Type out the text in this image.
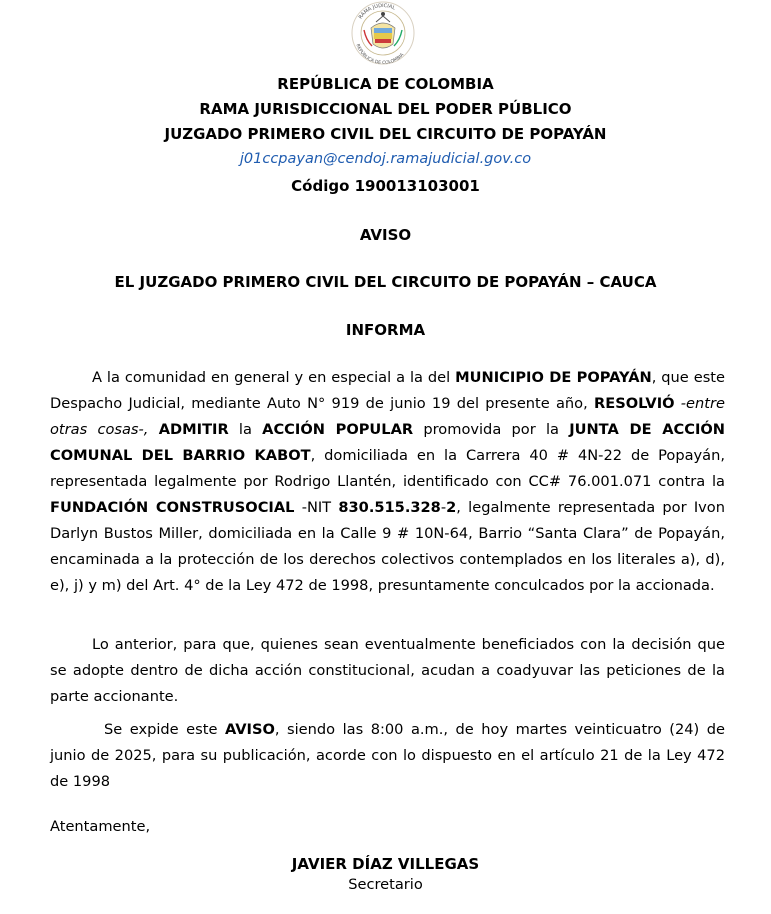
RAMA JUDICIAL
REPÚBLICA DE COLOMBIA
REPÚBLICA DE COLOMBIA
RAMA JURISDICCIONAL DEL PODER PÚBLICO
JUZGADO PRIMERO CIVIL DEL CIRCUITO DE POPAYÁN
j01ccpayan@cendoj.ramajudicial.gov.co
Código 190013103001
AVISO
EL JUZGADO PRIMERO CIVIL DEL CIRCUITO DE POPAYÁN – CAUCA
INFORMA
A la comunidad en general y en especial a la del MUNICIPIO DE POPAYÁN, que este Despacho Judicial, mediante Auto N° 919 de junio 19 del presente año, RESOLVIÓ -entre otras cosas-, ADMITIR la ACCIÓN POPULAR promovida por la JUNTA DE ACCIÓN COMUNAL DEL BARRIO KABOT, domiciliada en la Carrera 40 # 4N-22 de Popayán, representada legalmente por Rodrigo Llantén, identificado con CC# 76.001.071 contra la FUNDACIÓN CONSTRUSOCIAL -NIT 830.515.328-2, legalmente representada por Ivon Darlyn Bustos Miller, domiciliada en la Calle 9 # 10N-64, Barrio “Santa Clara” de Popayán, encaminada a la protección de los derechos colectivos contemplados en los literales a), d), e), j) y m) del Art. 4° de la Ley 472 de 1998, presuntamente conculcados por la accionada.
Lo anterior, para que, quienes sean eventualmente beneficiados con la decisión que se adopte dentro de dicha acción constitucional, acudan a coadyuvar las peticiones de la parte accionante.
Se expide este AVISO, siendo las 8:00 a.m., de hoy martes veinticuatro (24) de junio de 2025, para su publicación, acorde con lo dispuesto en el artículo 21 de la Ley 472 de 1998
Atentamente,
JAVIER DÍAZ VILLEGAS
Secretario
